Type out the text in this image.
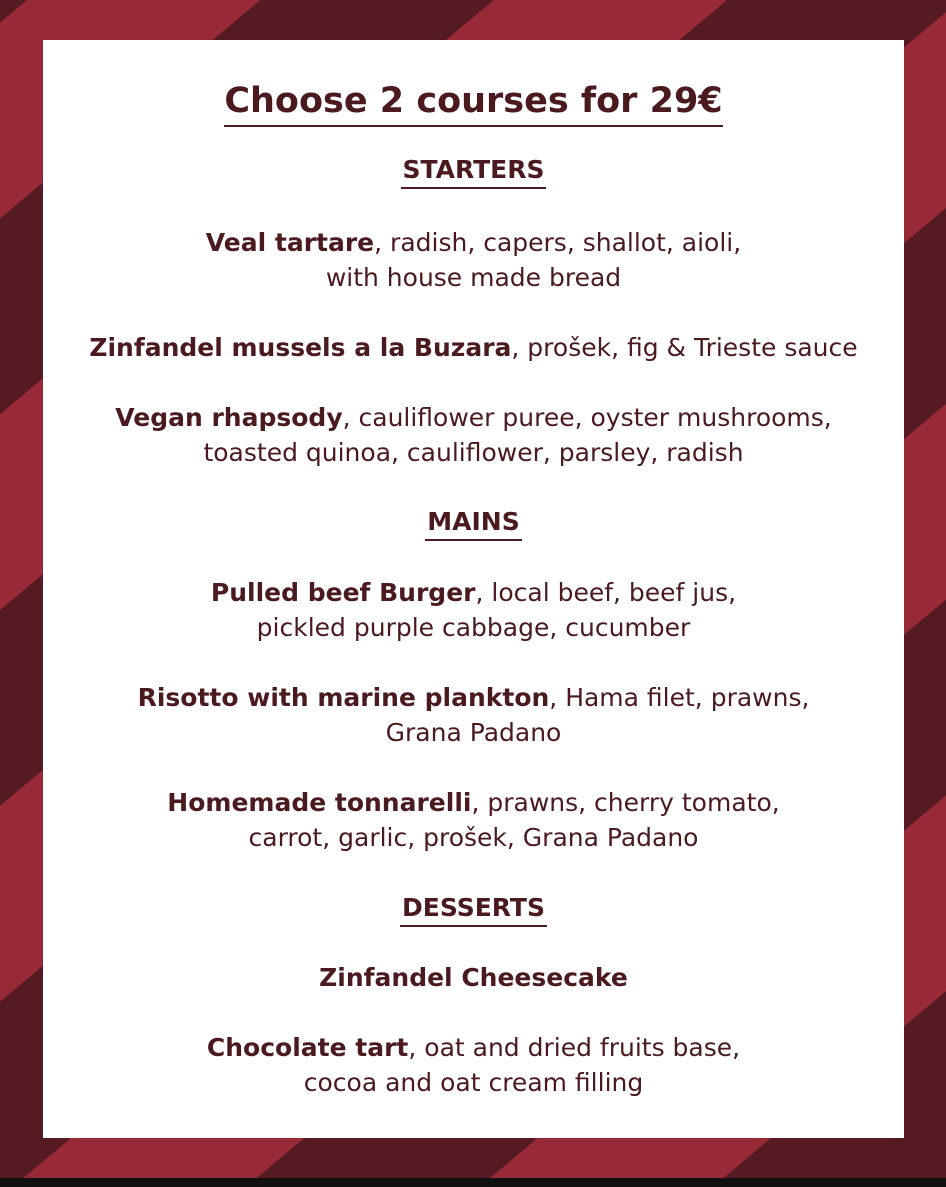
Choose 2 courses for 29€
STARTERS
Veal tartare, radish, capers, shallot, aioli,
with house made bread
Zinfandel mussels a la Buzara, prošek, fig & Trieste sauce
Vegan rhapsody, cauliflower puree, oyster mushrooms,
toasted quinoa, cauliflower, parsley, radish
MAINS
Pulled beef Burger, local beef, beef jus,
pickled purple cabbage, cucumber
Risotto with marine plankton, Hama filet, prawns,
Grana Padano
Homemade tonnarelli, prawns, cherry tomato,
carrot, garlic, prošek, Grana Padano
DESSERTS
Zinfandel Cheesecake
Chocolate tart, oat and dried fruits base,
cocoa and oat cream filling
